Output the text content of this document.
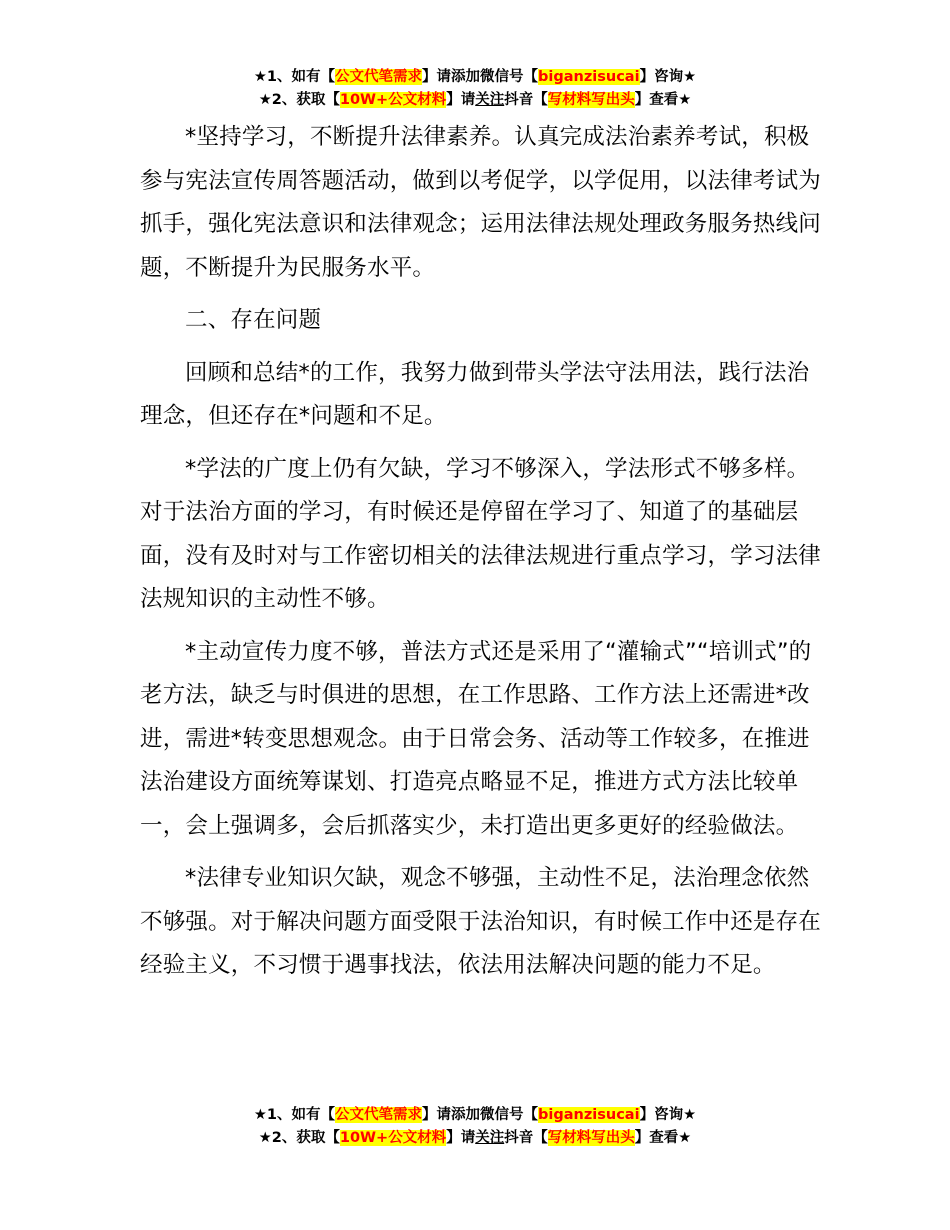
★1、如有【公文代笔需求】请添加微信号【biganzisucai】咨询★
★2、获取【10W+公文材料】请关注抖音【写材料写出头】查看★

*坚持学习，不断提升法律素养。认真完成法治素养考试，积极参与宪法宣传周答题活动，做到以考促学，以学促用，以法律考试为抓手，强化宪法意识和法律观念；运用法律法规处理政务服务热线问题，不断提升为民服务水平。

二、存在问题

回顾和总结*的工作，我努力做到带头学法守法用法，践行法治理念，但还存在*问题和不足。

*学法的广度上仍有欠缺，学习不够深入，学法形式不够多样。对于法治方面的学习，有时候还是停留在学习了、知道了的基础层面，没有及时对与工作密切相关的法律法规进行重点学习，学习法律法规知识的主动性不够。

*主动宣传力度不够，普法方式还是采用了“灌输式”“培训式”的老方法，缺乏与时俱进的思想，在工作思路、工作方法上还需进*改进，需进*转变思想观念。由于日常会务、活动等工作较多，在推进法治建设方面统筹谋划、打造亮点略显不足，推进方式方法比较单一，会上强调多，会后抓落实少，未打造出更多更好的经验做法。

*法律专业知识欠缺，观念不够强，主动性不足，法治理念依然不够强。对于解决问题方面受限于法治知识，有时候工作中还是存在经验主义，不习惯于遇事找法，依法用法解决问题的能力不足。

★1、如有【公文代笔需求】请添加微信号【biganzisucai】咨询★
★2、获取【10W+公文材料】请关注抖音【写材料写出头】查看★
